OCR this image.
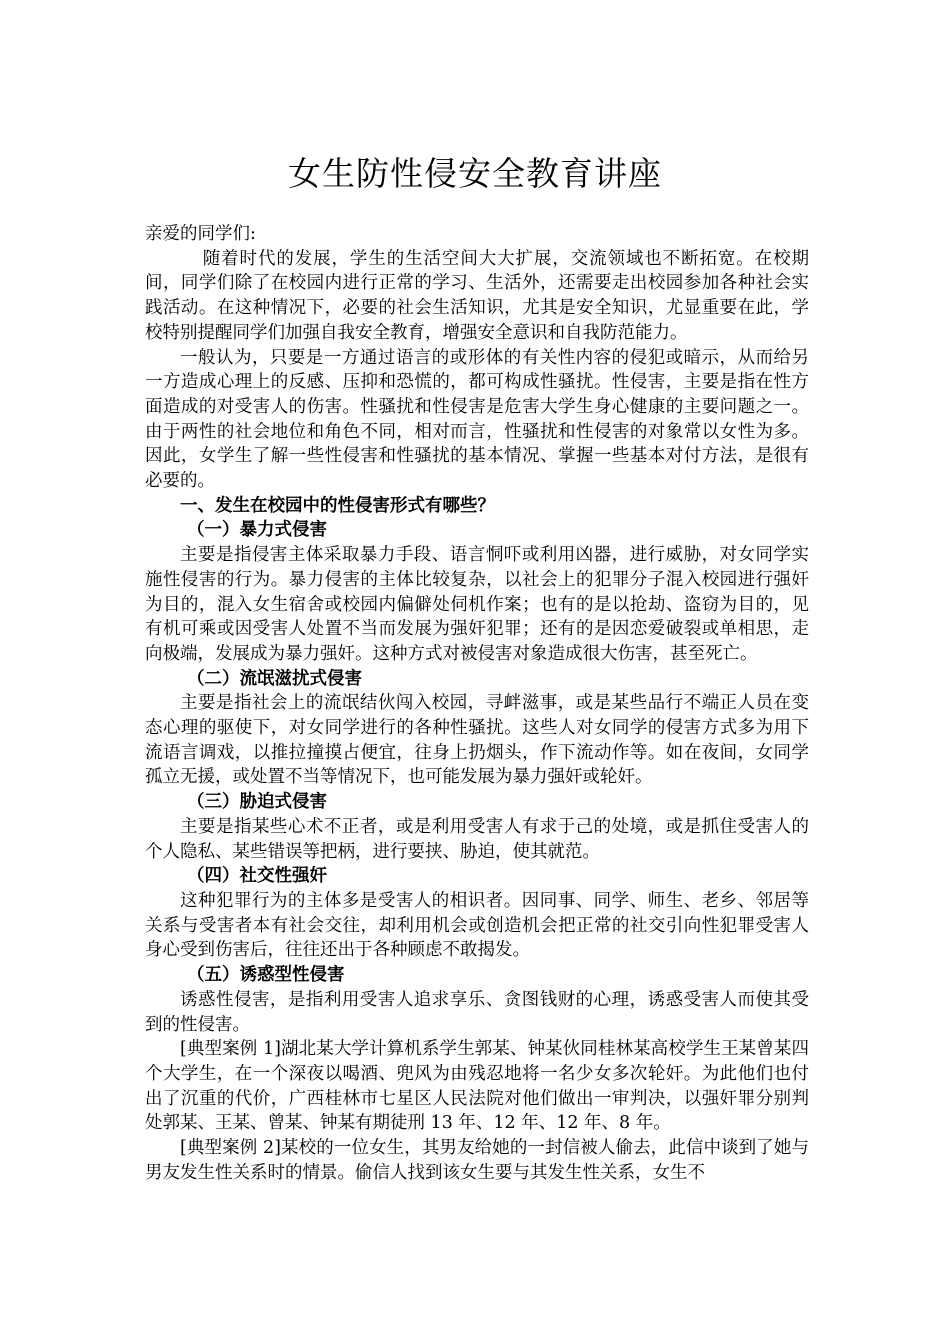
女生防性侵安全教育讲座

亲爱的同学们:

随着时代的发展，学生的生活空间大大扩展，交流领域也不断拓宽。在校期间，同学们除了在校园内进行正常的学习、生活外，还需要走出校园参加各种社会实践活动。在这种情况下，必要的社会生活知识，尤其是安全知识，尤显重要在此，学校特别提醒同学们加强自我安全教育，增强安全意识和自我防范能力。

一般认为，只要是一方通过语言的或形体的有关性内容的侵犯或暗示，从而给另一方造成心理上的反感、压抑和恐慌的，都可构成性骚扰。性侵害，主要是指在性方面造成的对受害人的伤害。性骚扰和性侵害是危害大学生身心健康的主要问题之一。由于两性的社会地位和角色不同，相对而言，性骚扰和性侵害的对象常以女性为多。因此，女学生了解一些性侵害和性骚扰的基本情况、掌握一些基本对付方法，是很有必要的。

一、发生在校园中的性侵害形式有哪些？

（一）暴力式侵害

主要是指侵害主体采取暴力手段、语言恫吓或利用凶器，进行威胁，对女同学实施性侵害的行为。暴力侵害的主体比较复杂，以社会上的犯罪分子混入校园进行强奸为目的，混入女生宿舍或校园内偏僻处伺机作案；也有的是以抢劫、盗窃为目的，见有机可乘或因受害人处置不当而发展为强奸犯罪；还有的是因恋爱破裂或单相思，走向极端，发展成为暴力强奸。这种方式对被侵害对象造成很大伤害，甚至死亡。

（二）流氓滋扰式侵害

主要是指社会上的流氓结伙闯入校园，寻衅滋事，或是某些品行不端正人员在变态心理的驱使下，对女同学进行的各种性骚扰。这些人对女同学的侵害方式多为用下流语言调戏，以推拉撞摸占便宜，往身上扔烟头，作下流动作等。如在夜间，女同学孤立无援，或处置不当等情况下，也可能发展为暴力强奸或轮奸。

（三）胁迫式侵害

主要是指某些心术不正者，或是利用受害人有求于己的处境，或是抓住受害人的个人隐私、某些错误等把柄，进行要挟、胁迫，使其就范。

（四）社交性强奸

这种犯罪行为的主体多是受害人的相识者。因同事、同学、师生、老乡、邻居等关系与受害者本有社会交往，却利用机会或创造机会把正常的社交引向性犯罪受害人身心受到伤害后，往往还出于各种顾虑不敢揭发。

（五）诱惑型性侵害

诱惑性侵害，是指利用受害人追求享乐、贪图钱财的心理，诱惑受害人而使其受到的性侵害。

[典型案例 1]湖北某大学计算机系学生郭某、钟某伙同桂林某高校学生王某曾某四个大学生，在一个深夜以喝酒、兜风为由残忍地将一名少女多次轮奸。为此他们也付出了沉重的代价，广西桂林市七星区人民法院对他们做出一审判决，以强奸罪分别判处郭某、王某、曾某、钟某有期徒刑 13 年、12 年、12 年、8 年。

[典型案例 2]某校的一位女生，其男友给她的一封信被人偷去，此信中谈到了她与男友发生性关系时的情景。偷信人找到该女生要与其发生性关系，女生不
